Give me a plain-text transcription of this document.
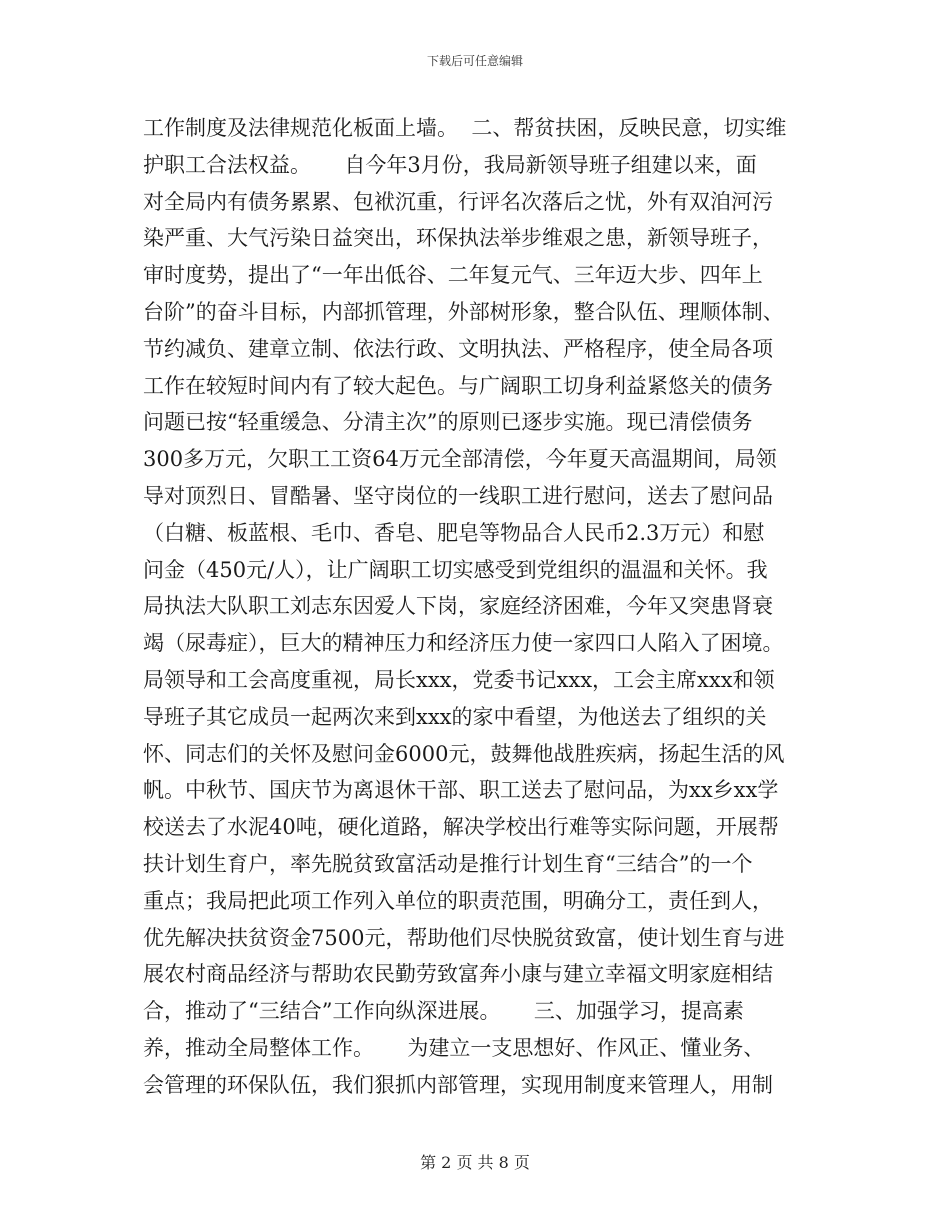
下载后可任意编辑
工作制度及法律规范化板面上墙。  二、帮贫扶困，反映民意，切实维
护职工合法权益。     自今年3月份，我局新领导班子组建以来，面
对全局内有债务累累、包袱沉重，行评名次落后之忧，外有双洎河污
染严重、大气污染日益突出，环保执法举步维艰之患，新领导班子，
审时度势，提出了“一年出低谷、二年复元气、三年迈大步、四年上
台阶”的奋斗目标，内部抓管理，外部树形象，整合队伍、理顺体制、
节约减负、建章立制、依法行政、文明执法、严格程序，使全局各项
工作在较短时间内有了较大起色。与广阔职工切身利益紧悠关的债务
问题已按“轻重缓急、分清主次”的原则已逐步实施。现已清偿债务
300多万元，欠职工工资64万元全部清偿，今年夏天高温期间，局领
导对顶烈日、冒酷暑、坚守岗位的一线职工进行慰问，送去了慰问品
（白糖、板蓝根、毛巾、香皂、肥皂等物品合人民币2.3万元）和慰
问金（450元/人），让广阔职工切实感受到党组织的温温和关怀。我
局执法大队职工刘志东因爱人下岗，家庭经济困难，今年又突患肾衰
竭（尿毒症），巨大的精神压力和经济压力使一家四口人陷入了困境。
局领导和工会高度重视，局长xxx，党委书记xxx，工会主席xxx和领
导班子其它成员一起两次来到xxx的家中看望，为他送去了组织的关
怀、同志们的关怀及慰问金6000元，鼓舞他战胜疾病，扬起生活的风
帆。中秋节、国庆节为离退休干部、职工送去了慰问品，为xx乡xx学
校送去了水泥40吨，硬化道路，解决学校出行难等实际问题，开展帮
扶计划生育户，率先脱贫致富活动是推行计划生育“三结合”的一个
重点；我局把此项工作列入单位的职责范围，明确分工，责任到人，
优先解决扶贫资金7500元，帮助他们尽快脱贫致富，使计划生育与进
展农村商品经济与帮助农民勤劳致富奔小康与建立幸福文明家庭相结
合，推动了“三结合”工作向纵深进展。     三、加强学习，提高素
养，推动全局整体工作。     为建立一支思想好、作风正、懂业务、
会管理的环保队伍，我们狠抓内部管理，实现用制度来管理人，用制
第 2 页 共 8 页
